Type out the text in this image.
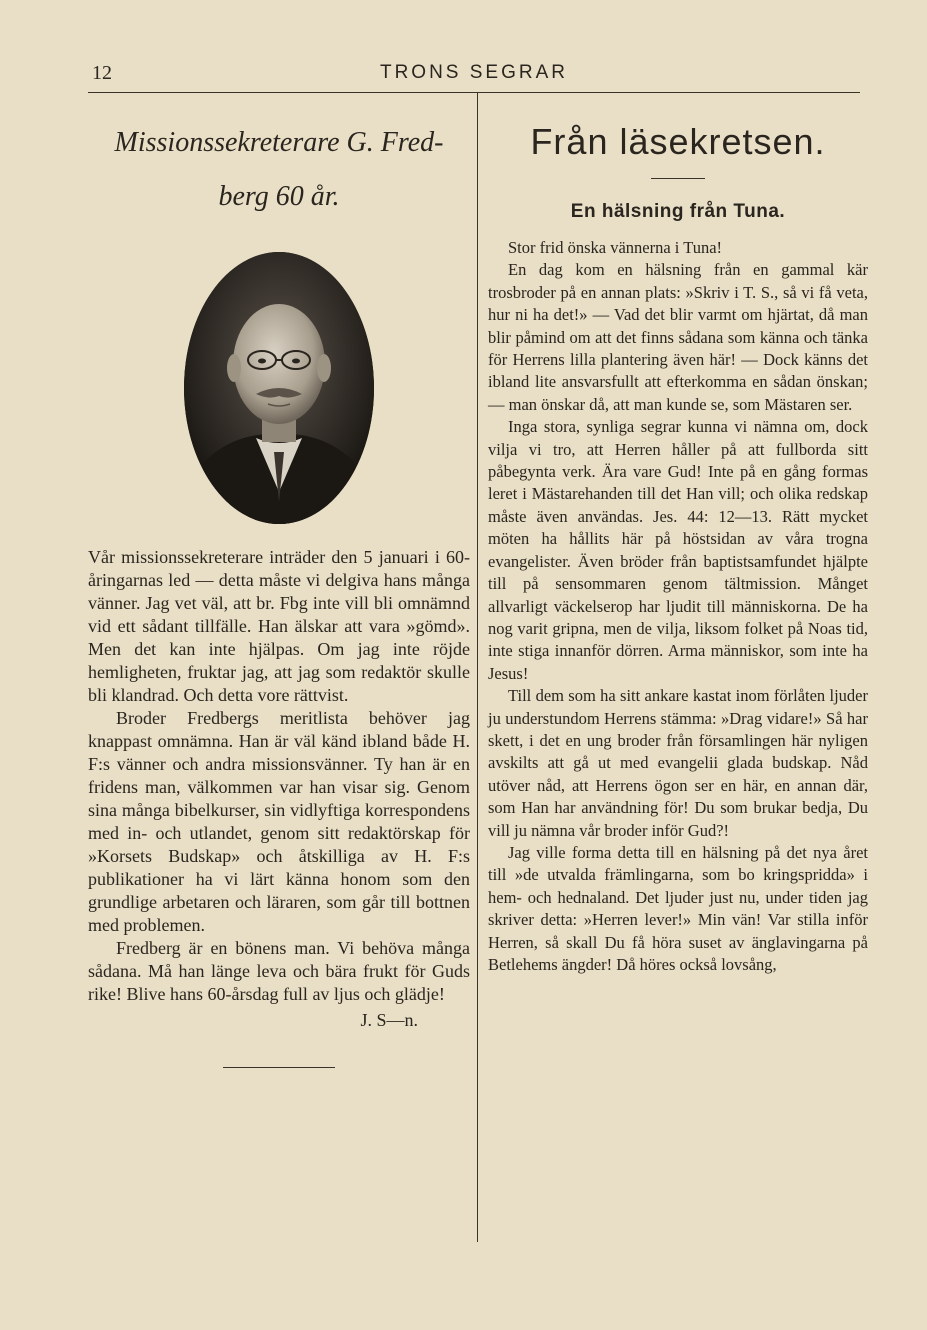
12	TRONS SEGRAR
Missionssekreterare G. Fred-
berg 60 år.

Vår missionssekreterare inträder den 5 januari i 60-åringarnas led — detta måste vi delgiva hans många vänner. Jag vet väl, att br. Fbg inte vill bli omnämnd vid ett sådant tillfälle. Han älskar att vara »gömd». Men det kan inte hjälpas. Om jag inte röjde hemligheten, fruktar jag, att jag som redaktör skulle bli klandrad. Och detta vore rättvist.

Broder Fredbergs meritlista behöver jag knappast omnämna. Han är väl känd ibland både H. F:s vänner och andra missionsvänner. Ty han är en fridens man, välkommen var han visar sig. Genom sina många bibelkurser, sin vidlyftiga korrespondens med in- och utlandet, genom sitt redaktörskap för »Korsets Budskap» och åtskilliga av H. F:s publikationer ha vi lärt känna honom som den grundlige arbetaren och läraren, som går till bottnen med problemen.

Fredberg är en bönens man. Vi behöva många sådana. Må han länge leva och bära frukt för Guds rike! Blive hans 60-årsdag full av ljus och glädje!

J. S—n.
Från läsekretsen.
En hälsning från Tuna.

Stor frid önska vännerna i Tuna!

En dag kom en hälsning från en gammal kär trosbroder på en annan plats: »Skriv i T. S., så vi få veta, hur ni ha det!» — Vad det blir varmt om hjärtat, då man blir påmind om att det finns sådana som känna och tänka för Herrens lilla plantering även här! — Dock känns det ibland lite ansvarsfullt att efterkomma en sådan önskan; — man önskar då, att man kunde se, som Mästaren ser.

Inga stora, synliga segrar kunna vi nämna om, dock vilja vi tro, att Herren håller på att fullborda sitt påbegynta verk. Ära vare Gud! Inte på en gång formas leret i Mästarehanden till det Han vill; och olika redskap måste även användas. Jes. 44: 12—13. Rätt mycket möten ha hållits här på höstsidan av våra trogna evangelister. Även bröder från baptistsamfundet hjälpte till på sensommaren genom tältmission. Månget allvarligt väckelserop har ljudit till människorna. De ha nog varit gripna, men de vilja, liksom folket på Noas tid, inte stiga innanför dörren. Arma människor, som inte ha Jesus!

Till dem som ha sitt ankare kastat inom förlåten ljuder ju understundom Herrens stämma: »Drag vidare!» Så har skett, i det en ung broder från församlingen här nyligen avskilts att gå ut med evangelii glada budskap. Nåd utöver nåd, att Herrens ögon ser en här, en annan där, som Han har användning för! Du som brukar bedja, Du vill ju nämna vår broder inför Gud?!

Jag ville forma detta till en hälsning på det nya året till »de utvalda främlingarna, som bo kringspridda» i hem- och hednaland. Det ljuder just nu, under tiden jag skriver detta: »Herren lever!» Min vän! Var stilla inför Herren, så skall Du få höra suset av änglavingarna på Betlehems ängder! Då höres också lovsång,
